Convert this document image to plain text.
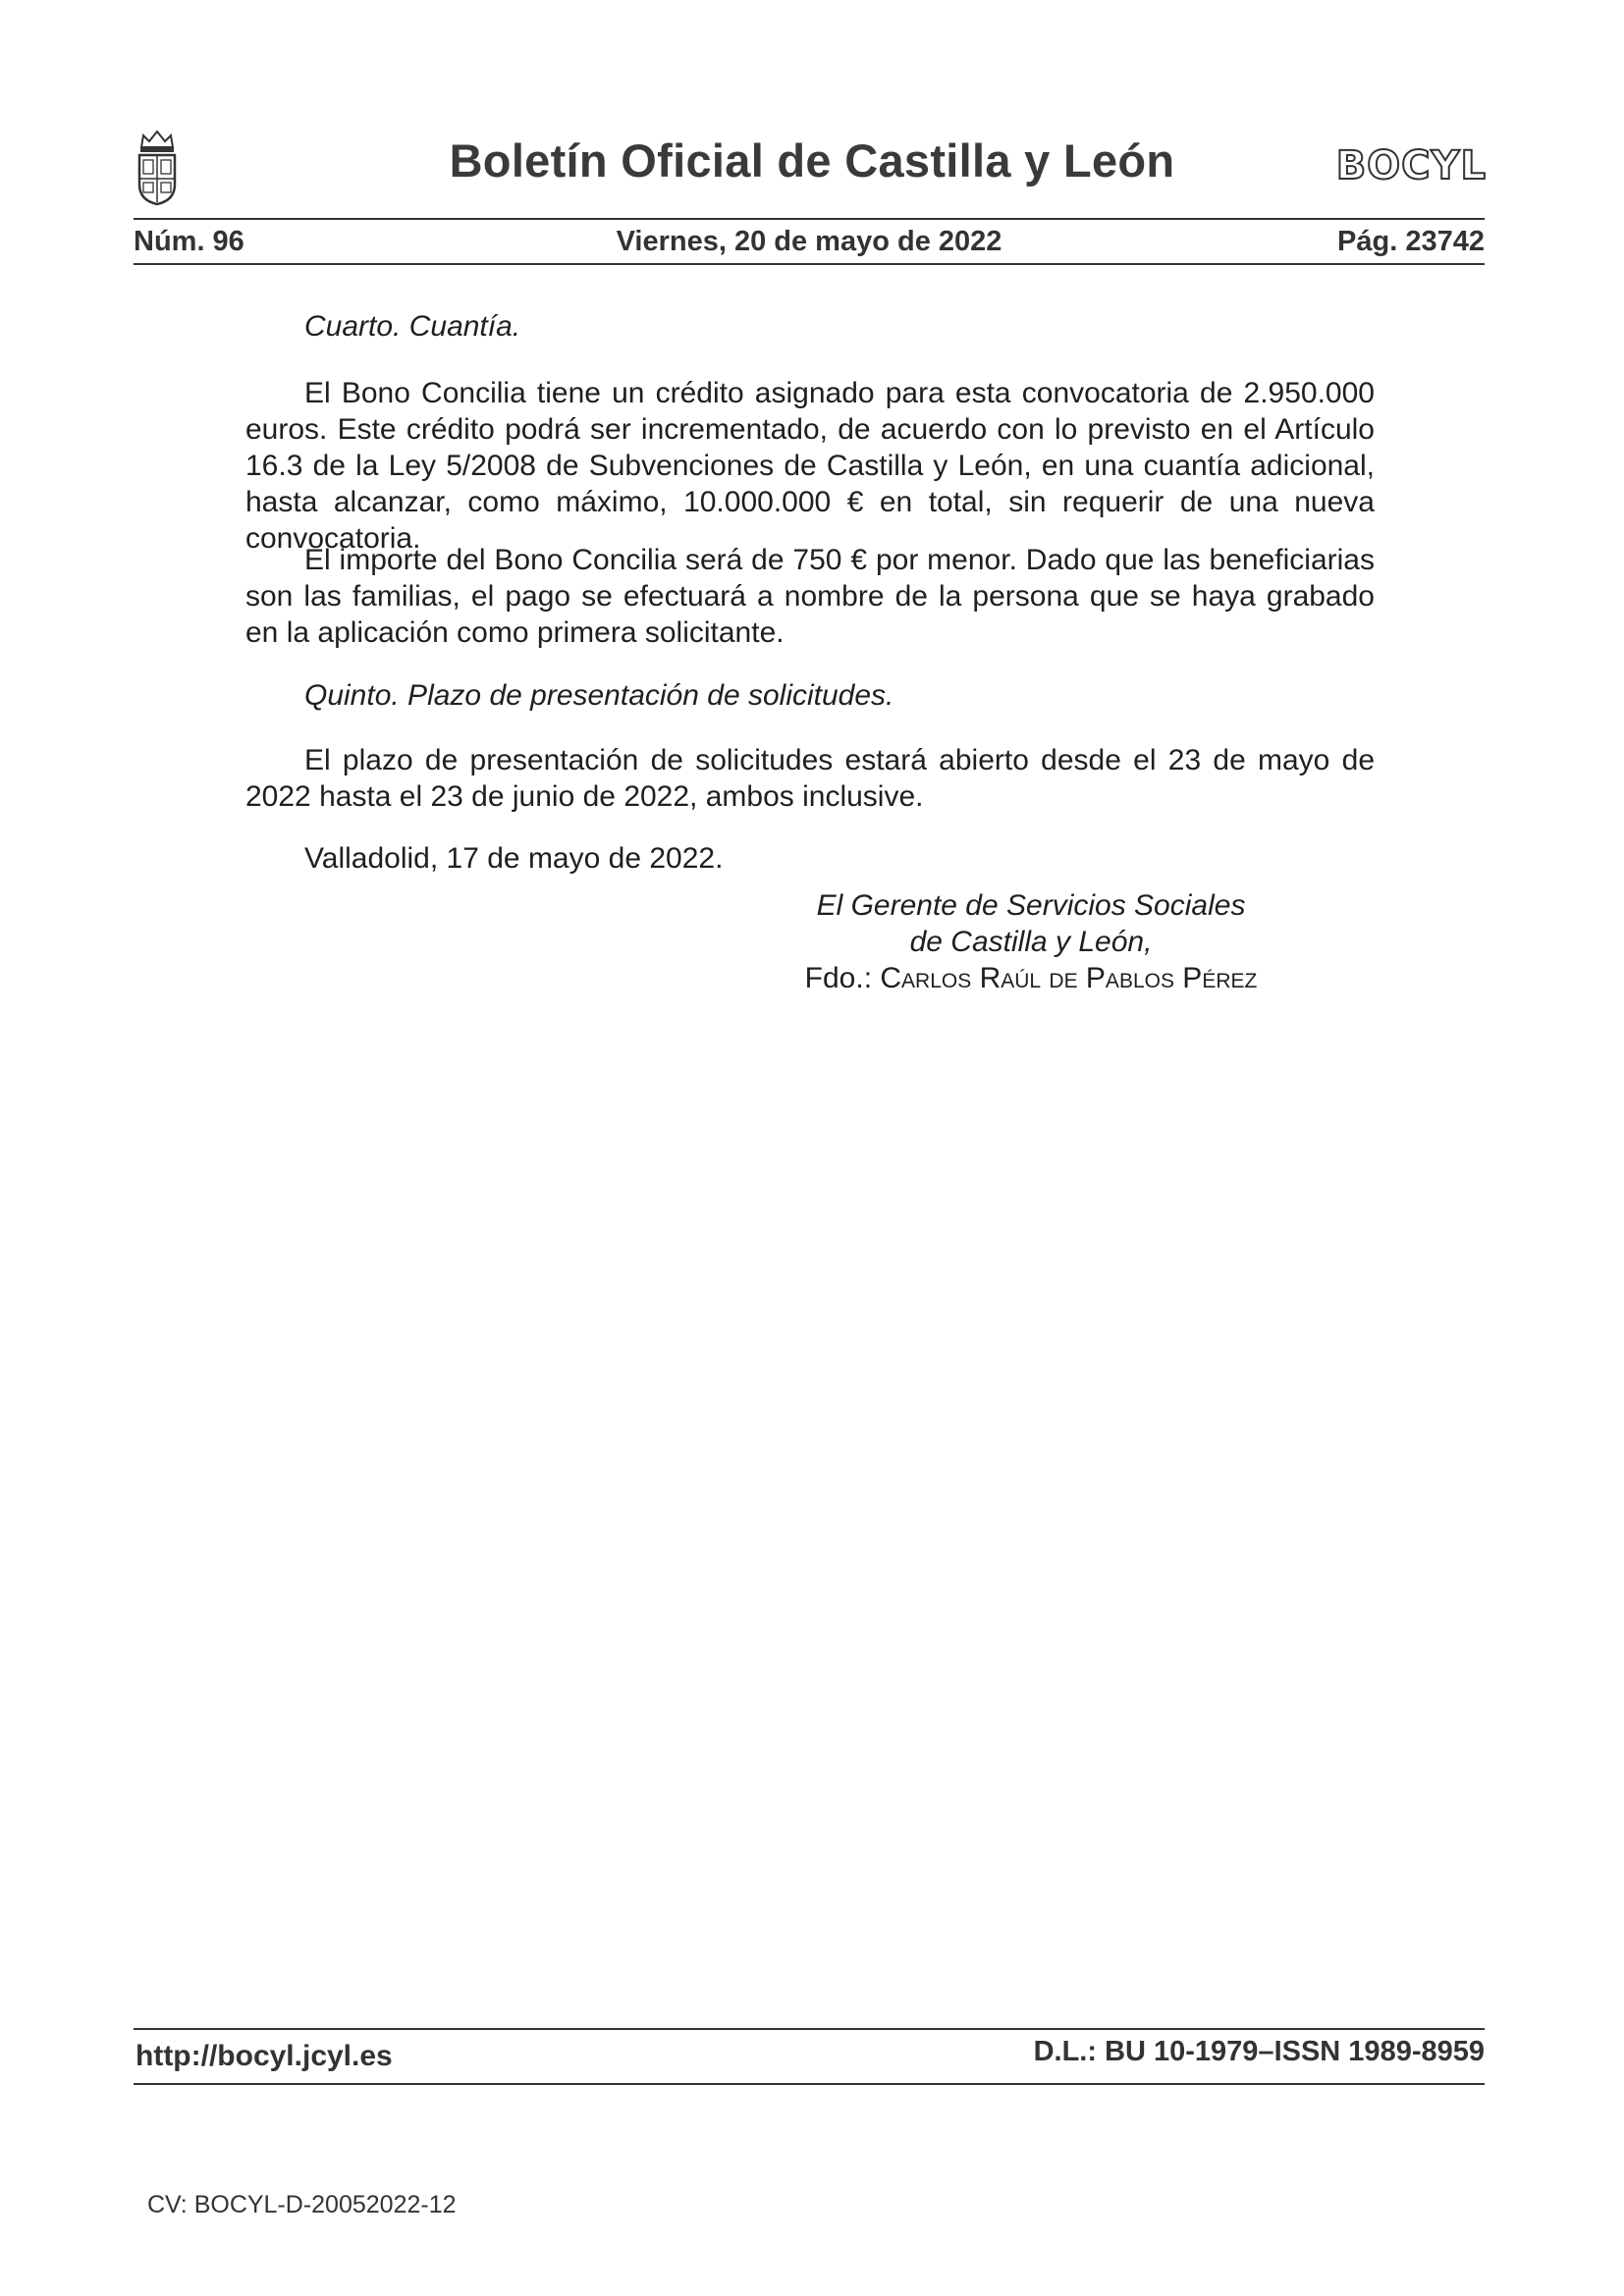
Boletín Oficial de Castilla y León	BOCYL
Núm. 96	Viernes, 20 de mayo de 2022	Pág. 23742
Cuarto. Cuantía.
El Bono Concilia tiene un crédito asignado para esta convocatoria de 2.950.000 euros. Este crédito podrá ser incrementado, de acuerdo con lo previsto en el Artículo 16.3 de la Ley 5/2008 de Subvenciones de Castilla y León, en una cuantía adicional, hasta alcanzar, como máximo, 10.000.000 € en total, sin requerir de una nueva convocatoria.
El importe del Bono Concilia será de 750 € por menor. Dado que las beneficiarias son las familias, el pago se efectuará a nombre de la persona que se haya grabado en la aplicación como primera solicitante.
Quinto. Plazo de presentación de solicitudes.
El plazo de presentación de solicitudes estará abierto desde el 23 de mayo de 2022 hasta el 23 de junio de 2022, ambos inclusive.
Valladolid, 17 de mayo de 2022.
El Gerente de Servicios Sociales
de Castilla y León,
Fdo.: Carlos Raúl de Pablos Pérez
http://bocyl.jcyl.es	D.L.: BU 10-1979–ISSN 1989-8959
CV: BOCYL-D-20052022-12
